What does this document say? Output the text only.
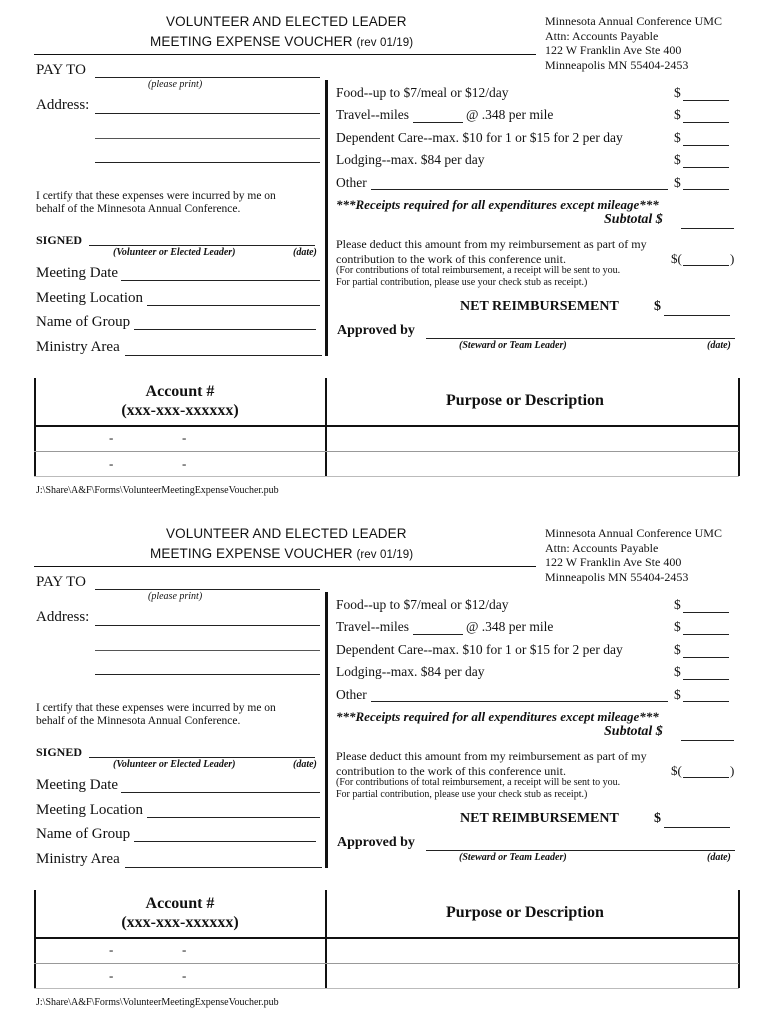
VOLUNTEER AND ELECTED LEADER
MEETING EXPENSE VOUCHER (rev 01/19)
Minnesota Annual Conference UMC
Attn: Accounts Payable
122 W Franklin Ave Ste 400
Minneapolis MN 55404-2453
PAY TO
(please print)
Address:
I certify that these expenses were incurred by me on
behalf of the Minnesota Annual Conference.
SIGNED
(Volunteer or Elected Leader)	(date)
Meeting Date
Meeting Location
Name of Group
Ministry Area
Food--up to $7/meal or $12/day	$
Travel--miles	@ .348 per mile	$
Dependent Care--max. $10 for 1 or $15 for 2 per day	$
Lodging--max. $84 per day	$
Other	$
***Receipts required for all expenditures except mileage***
Subtotal $
Please deduct this amount from my reimbursement as part of my
contribution to the work of this conference unit.	$(	)
(For contributions of total reimbursement, a receipt will be sent to you.
For partial contribution, please use your check stub as receipt.)
NET REIMBURSEMENT	$
Approved by
(Steward or Team Leader)	(date)
Account #
(xxx-xxx-xxxxxx)
Purpose or Description
-	-
-	-
J:\Share\A&F\Forms\VolunteerMeetingExpenseVoucher.pub
VOLUNTEER AND ELECTED LEADER
MEETING EXPENSE VOUCHER (rev 01/19)
Minnesota Annual Conference UMC
Attn: Accounts Payable
122 W Franklin Ave Ste 400
Minneapolis MN 55404-2453
PAY TO
(please print)
Address:
I certify that these expenses were incurred by me on
behalf of the Minnesota Annual Conference.
SIGNED
(Volunteer or Elected Leader)	(date)
Meeting Date
Meeting Location
Name of Group
Ministry Area
Food--up to $7/meal or $12/day	$
Travel--miles	@ .348 per mile	$
Dependent Care--max. $10 for 1 or $15 for 2 per day	$
Lodging--max. $84 per day	$
Other	$
***Receipts required for all expenditures except mileage***
Subtotal $
Please deduct this amount from my reimbursement as part of my
contribution to the work of this conference unit.	$(	)
(For contributions of total reimbursement, a receipt will be sent to you.
For partial contribution, please use your check stub as receipt.)
NET REIMBURSEMENT	$
Approved by
(Steward or Team Leader)	(date)
Account #
(xxx-xxx-xxxxxx)
Purpose or Description
-	-
-	-
J:\Share\A&F\Forms\VolunteerMeetingExpenseVoucher.pub
